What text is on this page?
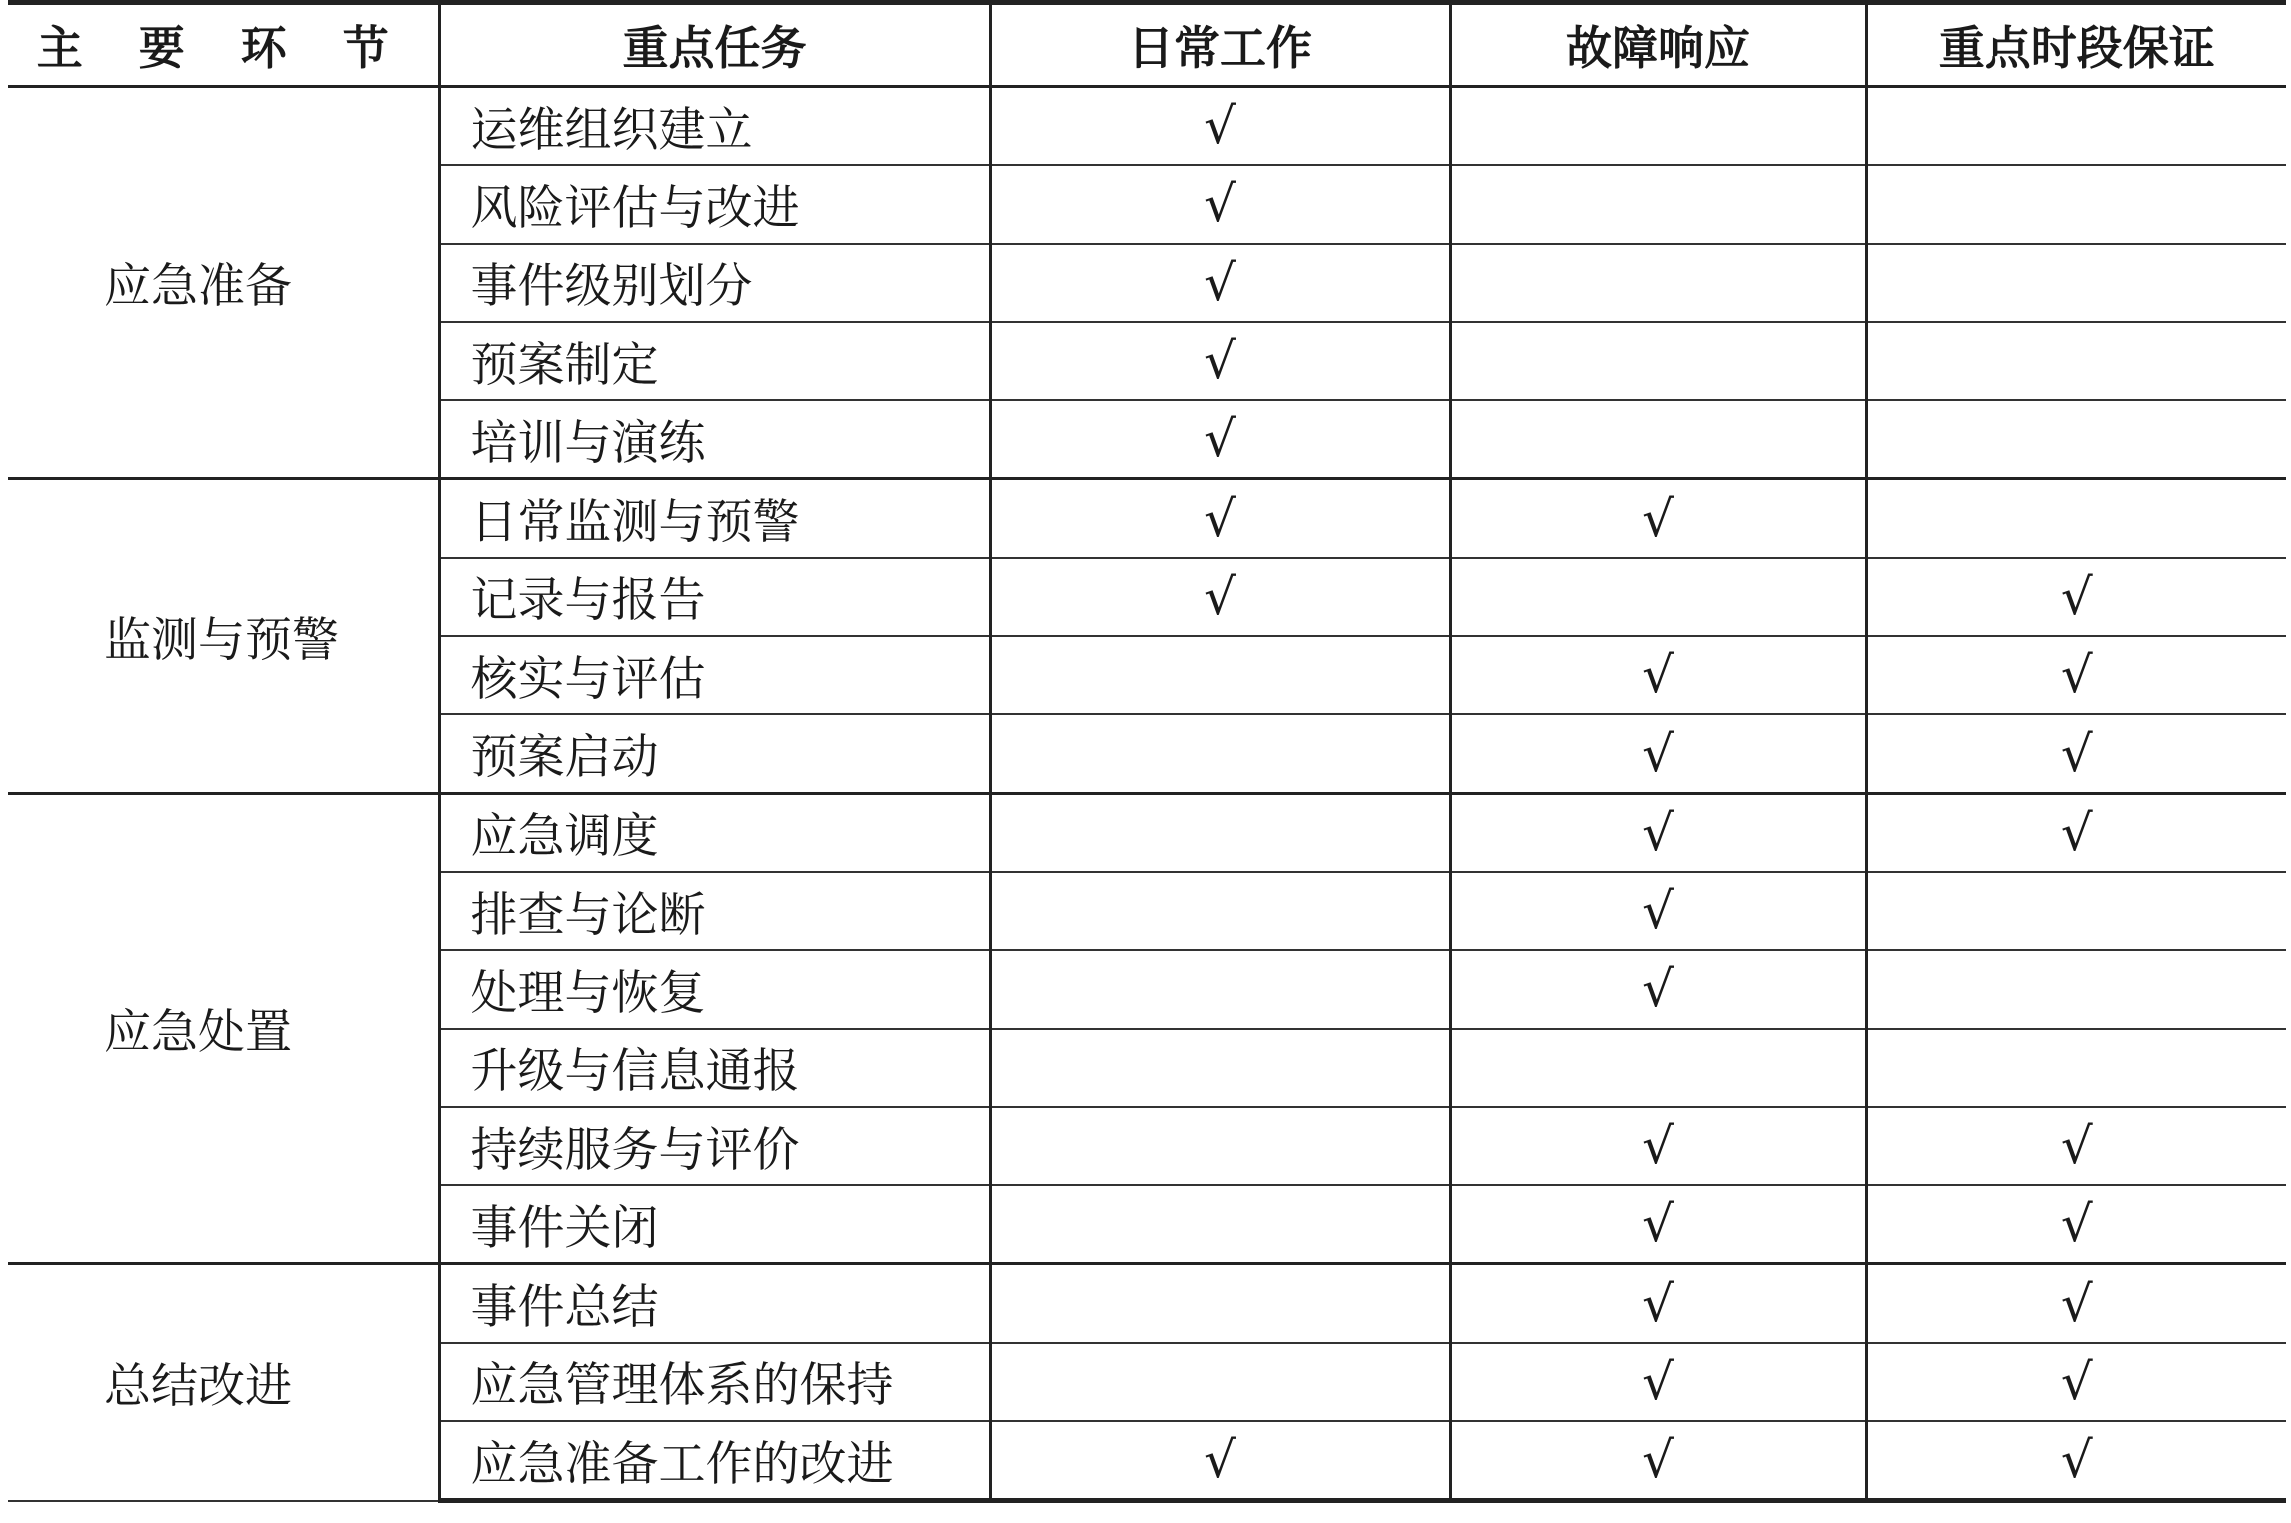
主 要 环 节	重点任务	日常工作	故障响应	重点时段保证
应急准备	运维组织建立	√		
	风险评估与改进	√		
	事件级别划分	√		
	预案制定	√		
	培训与演练	√		
监测与预警	日常监测与预警	√	√	
	记录与报告	√		√
	核实与评估		√	√
	预案启动		√	√
应急处置	应急调度		√	√
	排查与论断		√	
	处理与恢复		√	
	升级与信息通报			
	持续服务与评价		√	√
	事件关闭		√	√
总结改进	事件总结		√	√
	应急管理体系的保持		√	√
	应急准备工作的改进	√	√	√
